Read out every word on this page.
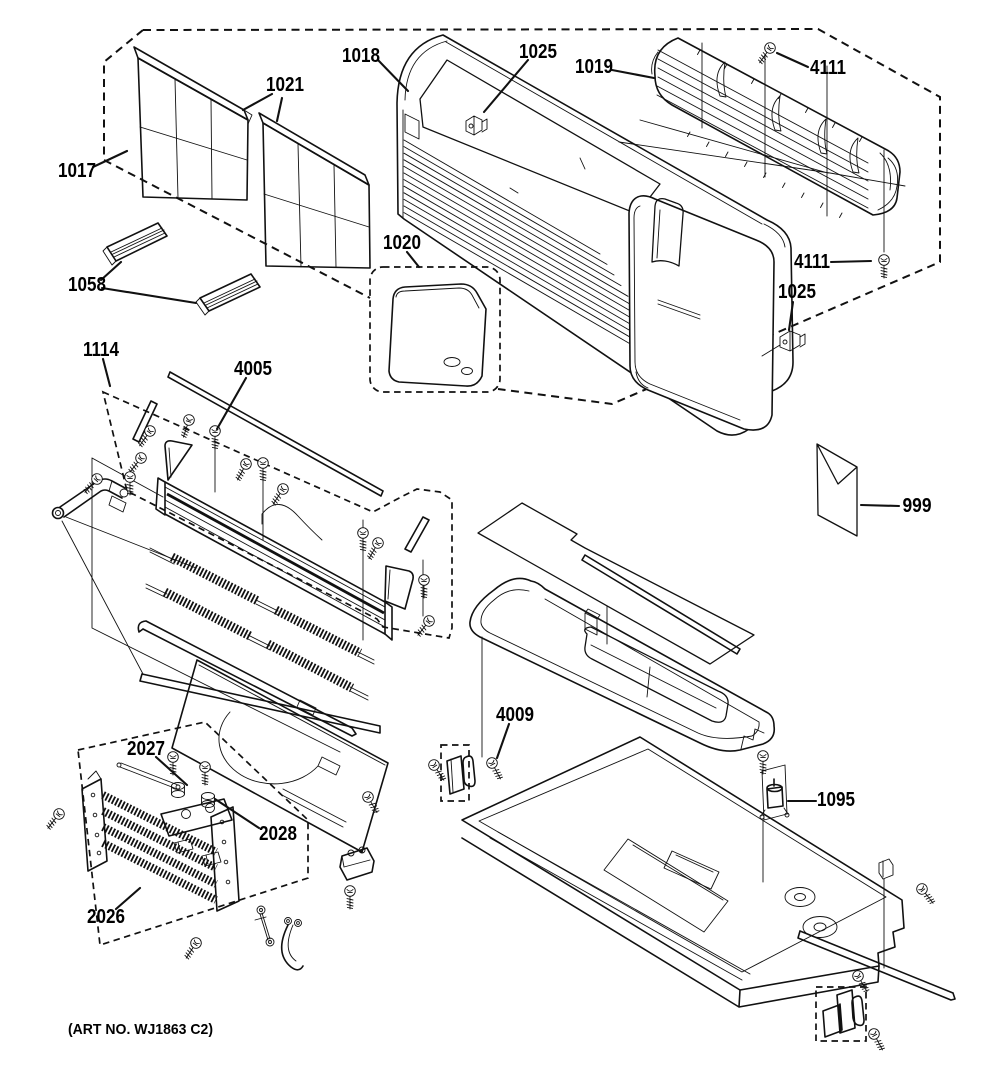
1018	1025
1019	4111
1021
1017
1058
1020
4111
1025
1114
4005
999
4009
1095
2027
2028
2026
(ART NO. WJ1863 C2)
